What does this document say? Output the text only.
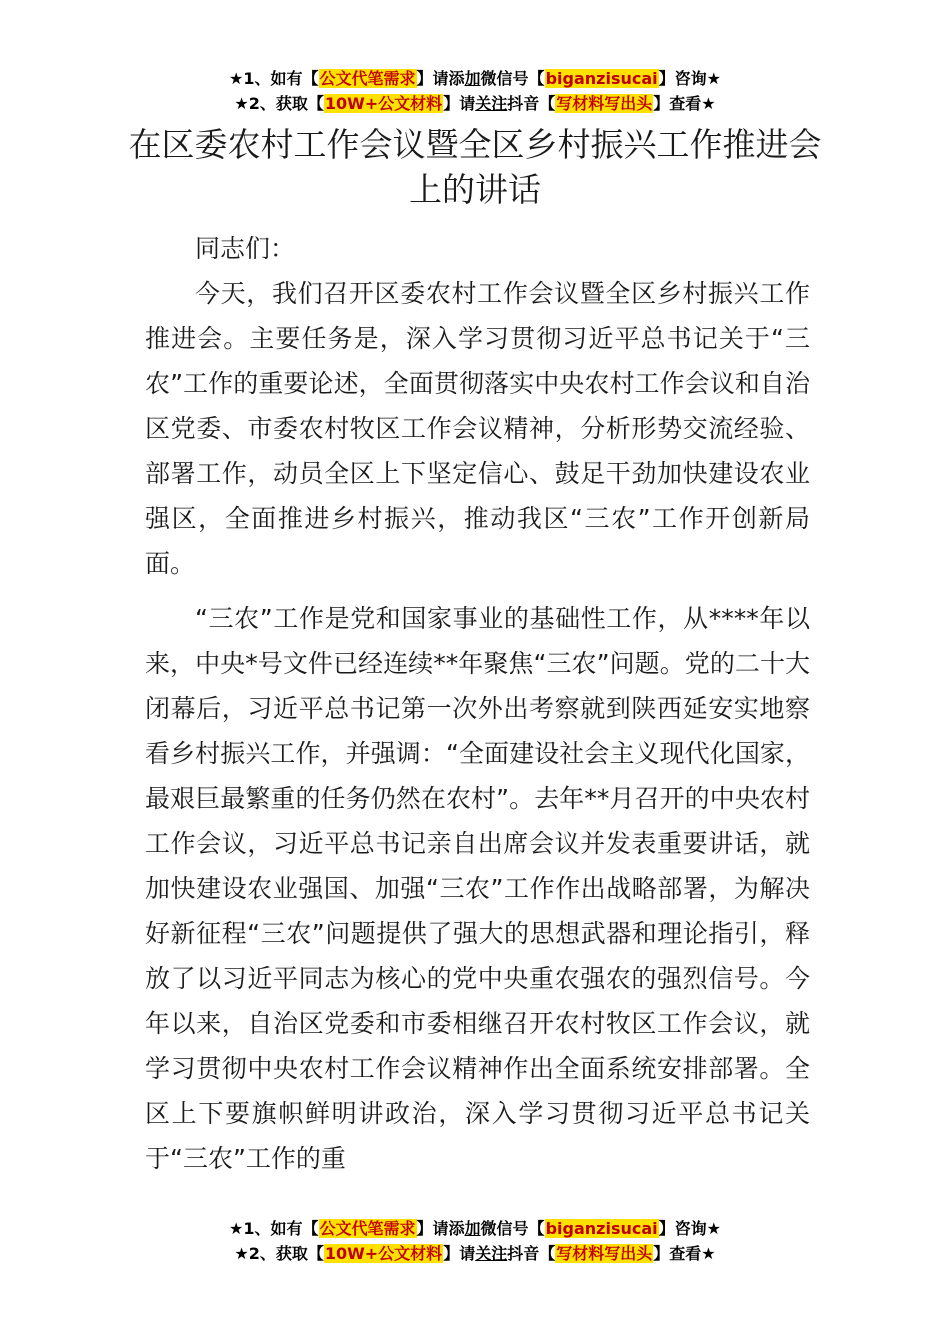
★1、如有【公文代笔需求】请添加微信号【biganzisucai】咨询★
★2、获取【10W+公文材料】请关注抖音【写材料写出头】查看★
在区委农村工作会议暨全区乡村振兴工作推进会上的讲话
同志们：

今天，我们召开区委农村工作会议暨全区乡村振兴工作推进会。主要任务是，深入学习贯彻习近平总书记关于“三农”工作的重要论述，全面贯彻落实中央农村工作会议和自治区党委、市委农村牧区工作会议精神，分析形势交流经验、部署工作，动员全区上下坚定信心、鼓足干劲加快建设农业强区，全面推进乡村振兴，推动我区“三农”工作开创新局面。

“三农”工作是党和国家事业的基础性工作，从****年以来，中央*号文件已经连续**年聚焦“三农”问题。党的二十大闭幕后，习近平总书记第一次外出考察就到陕西延安实地察看乡村振兴工作，并强调：“全面建设社会主义现代化国家，最艰巨最繁重的任务仍然在农村”。去年**月召开的中央农村工作会议，习近平总书记亲自出席会议并发表重要讲话，就加快建设农业强国、加强“三农”工作作出战略部署，为解决好新征程“三农”问题提供了强大的思想武器和理论指引，释放了以习近平同志为核心的党中央重农强农的强烈信号。今年以来，自治区党委和市委相继召开农村牧区工作会议，就学习贯彻中央农村工作会议精神作出全面系统安排部署。全区上下要旗帜鲜明讲政治，深入学习贯彻习近平总书记关于“三农”工作的重

★1、如有【公文代笔需求】请添加微信号【biganzisucai】咨询★
★2、获取【10W+公文材料】请关注抖音【写材料写出头】查看★
